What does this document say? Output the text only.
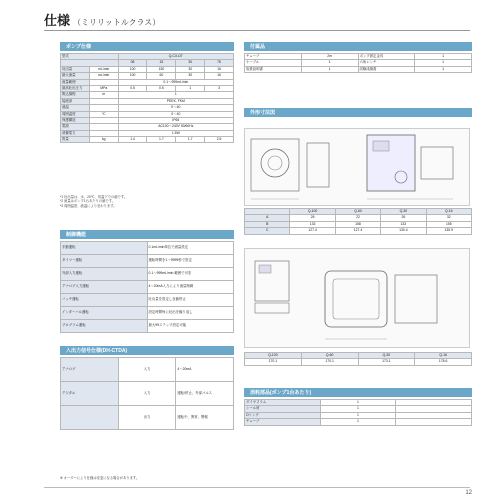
仕様 （ミリリットルクラス）
ポンプ仕様
型式		Q-CX-DT			
		08	15	30	75
吐出量	mL/min	100	150	30	16
最大流量	mL/min	100	60	30	16
流量範囲		0.1～999mL/min			
最高吐出圧力	MPa	0.5	0.5	1	3
吸込揚程	m	1			
接液部		PEEK, FKM			
液温		0～40			
周囲温度	℃	0～40			
保護構造		IP65			
電源		AC100～240V 50/60Hz			
消費電力		1.5W			
質量	kg	1.4	1.7	1.7	2.5
*1 吐出量は、水、20℃、常温下での値です。
*2 流量はポンプ1台あたりの値です。
*3 周囲温度、液温により変わります。
制御機能
手動運転	0.1mL/min単位で流量設定
タイマー運転	運転時間を1～9999秒で設定
外部入力運転	0.1～999mL/min 範囲で可変
アナログ入力運転	4～20mA入力により流量制御
バッチ運転	吐出量を設定し自動停止
インターバル運転	設定時間毎に吐出を繰り返し
プログラム運転	最大99ステップ設定可能
入出力信号仕様(DH-CTDA)
アナログ	入力	4～20mA
デジタル	入力	運転/停止、外部パルス
	出力	運転中、異常、警報
付属品
チューブ	2m	ポンプ固定金具	1
ケーブル	1	六角レンチ	1
取扱説明書	1	試験成績書	1
外形寸法図
	Q-100	Q-60	Q-30	Q-16
A	26	22	26	32
B	133	158	133	155
C	127.4	127.4	130.4	135.9
Q-100	Q-60	Q-30	Q-16
170.1	170.1	173.1	178.6
消耗部品(ポンプ1台あたり)
ダイヤフラム	1	
シール材	1	
Oリング	1	
チューブ	1	
※ オーダーにより仕様は変更になる場合があります。
12
